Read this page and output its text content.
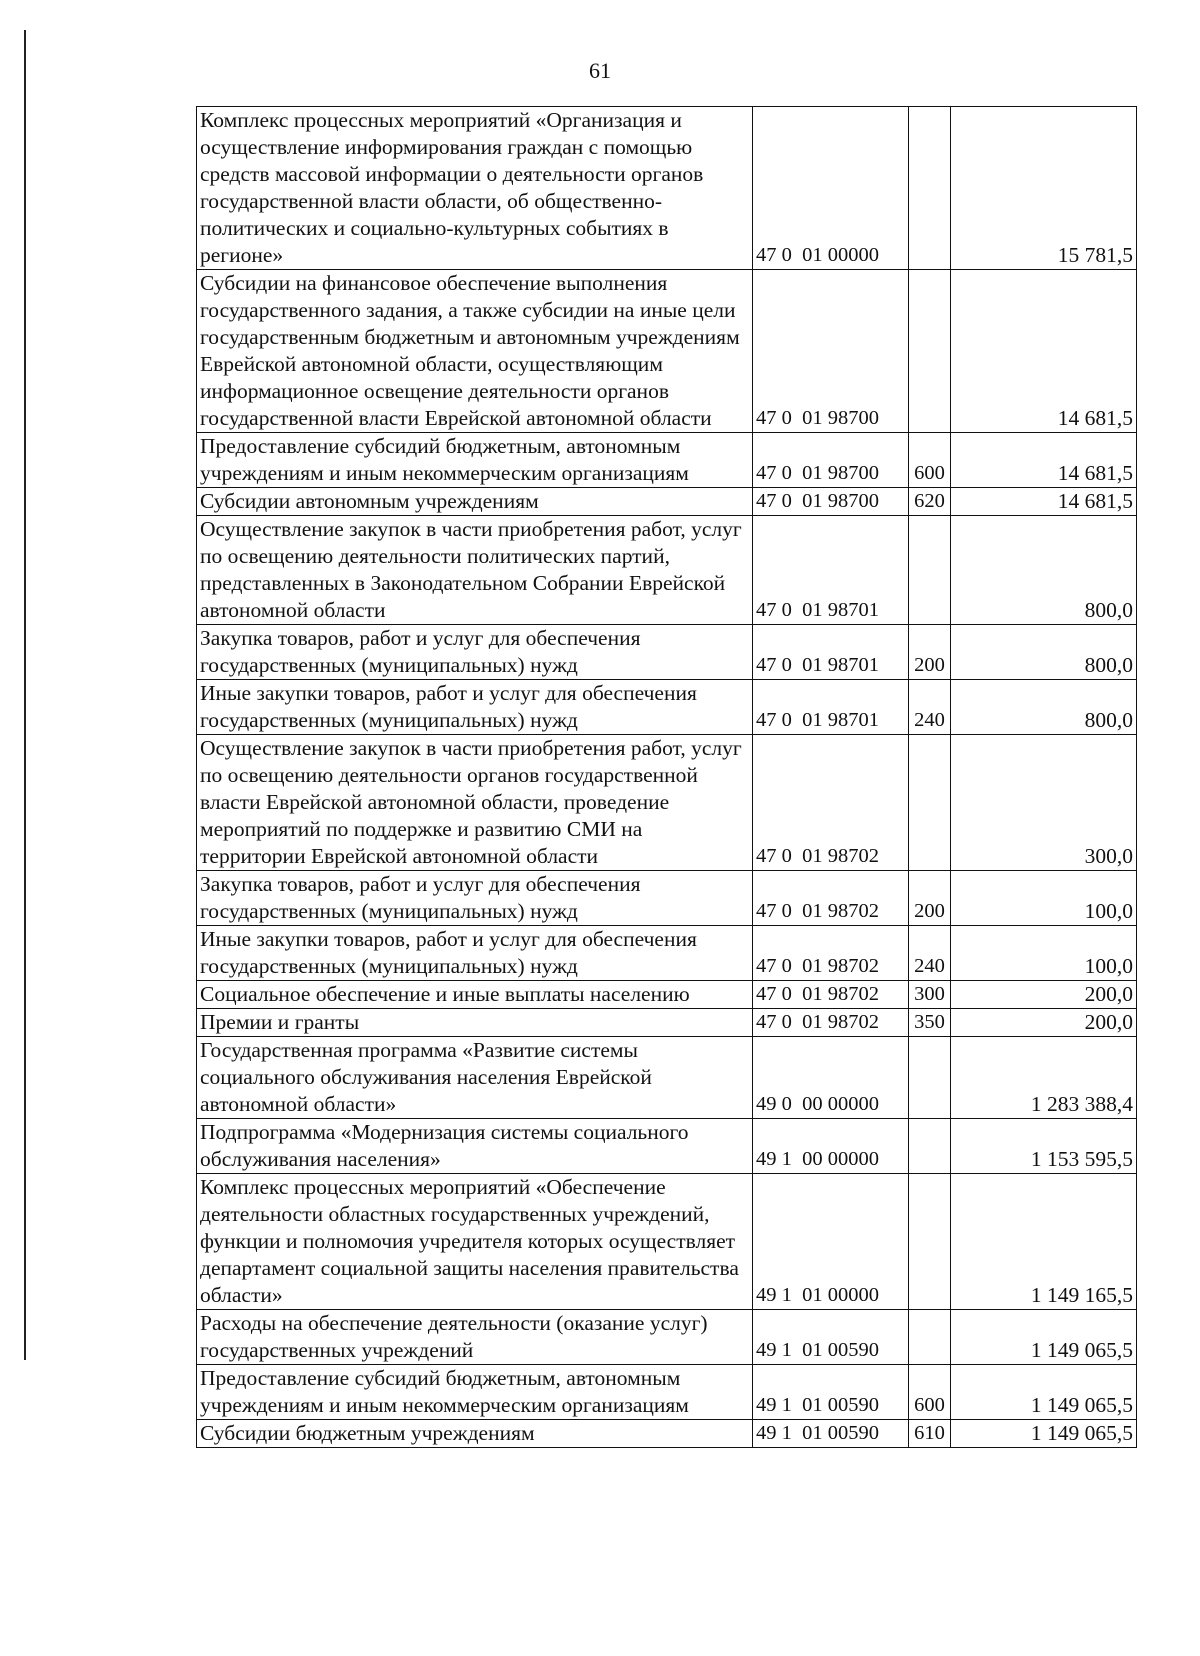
61
Комплекс процессных мероприятий «Организация и осуществление информирования граждан с помощью средств массовой информации о деятельности органов государственной власти области, об общественно-политических и социально-культурных событиях в регионе»	47 0  01 00000		15 781,5
Субсидии на финансовое обеспечение выполнения государственного задания, а также субсидии на иные цели государственным бюджетным и автономным учреждениям Еврейской автономной области, осуществляющим информационное освещение деятельности органов государственной власти Еврейской автономной области	47 0  01 98700		14 681,5
Предоставление субсидий бюджетным, автономным учреждениям и иным некоммерческим организациям	47 0  01 98700	600	14 681,5
Субсидии автономным учреждениям	47 0  01 98700	620	14 681,5
Осуществление закупок в части приобретения работ, услуг по освещению деятельности политических партий, представленных в Законодательном Собрании Еврейской автономной области	47 0  01 98701		800,0
Закупка товаров, работ и услуг для обеспечения государственных (муниципальных) нужд	47 0  01 98701	200	800,0
Иные закупки товаров, работ и услуг для обеспечения государственных (муниципальных) нужд	47 0  01 98701	240	800,0
Осуществление закупок в части приобретения работ, услуг по освещению деятельности органов государственной власти Еврейской автономной области, проведение мероприятий по поддержке и развитию СМИ на территории Еврейской автономной области	47 0  01 98702		300,0
Закупка товаров, работ и услуг для обеспечения государственных (муниципальных) нужд	47 0  01 98702	200	100,0
Иные закупки товаров, работ и услуг для обеспечения государственных (муниципальных) нужд	47 0  01 98702	240	100,0
Социальное обеспечение и иные выплаты населению	47 0  01 98702	300	200,0
Премии и гранты	47 0  01 98702	350	200,0
Государственная программа «Развитие системы социального обслуживания населения Еврейской автономной области»	49 0  00 00000		1 283 388,4
Подпрограмма «Модернизация системы социального обслуживания населения»	49 1  00 00000		1 153 595,5
Комплекс процессных мероприятий «Обеспечение деятельности областных государственных учреждений, функции и полномочия учредителя которых осуществляет департамент социальной защиты населения правительства области»	49 1  01 00000		1 149 165,5
Расходы на обеспечение деятельности (оказание услуг) государственных учреждений	49 1  01 00590		1 149 065,5
Предоставление субсидий бюджетным, автономным учреждениям и иным некоммерческим организациям	49 1  01 00590	600	1 149 065,5
Субсидии бюджетным учреждениям	49 1  01 00590	610	1 149 065,5
